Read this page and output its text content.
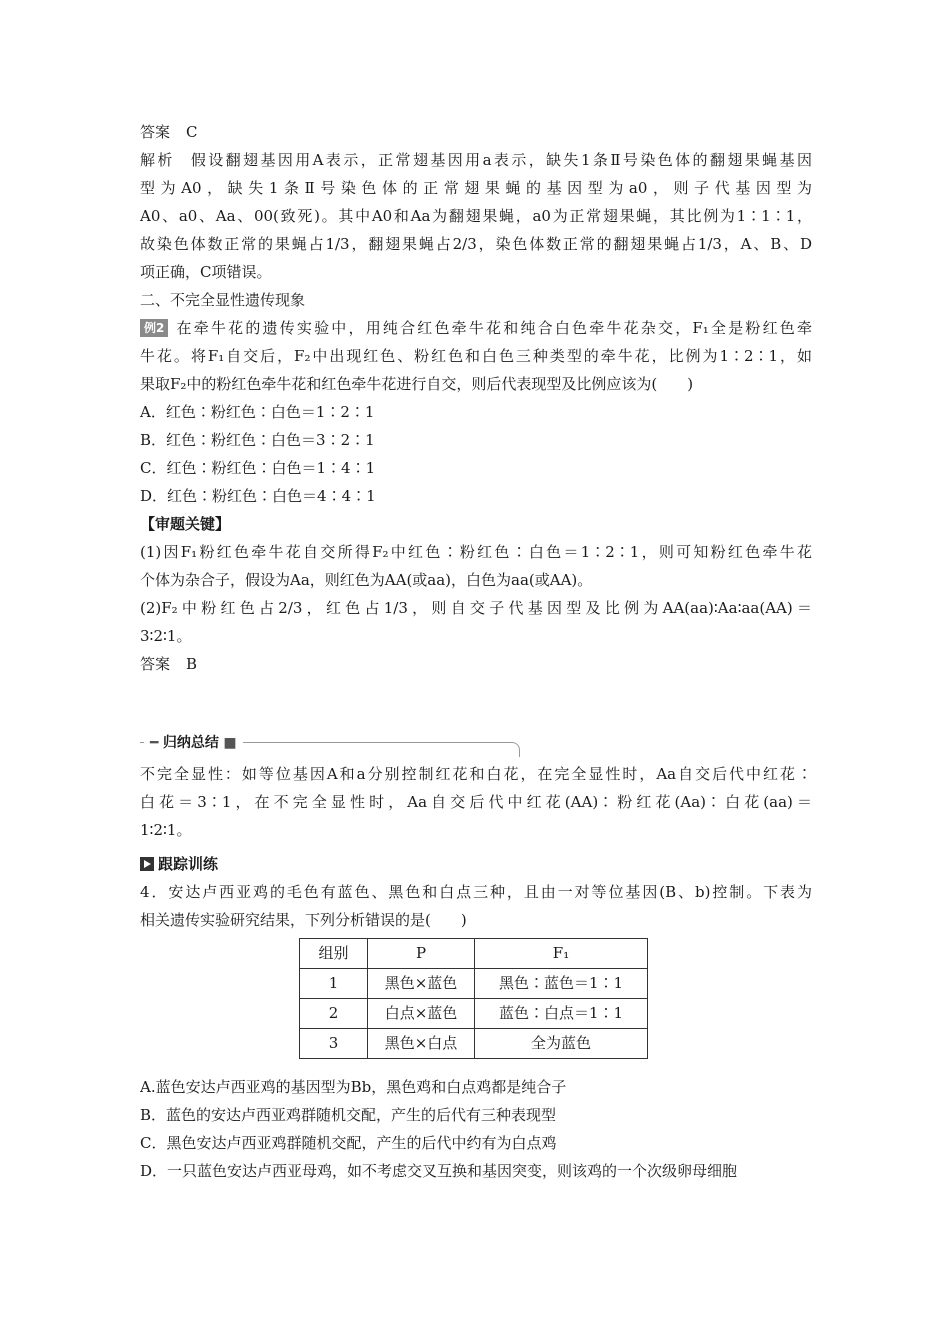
答案 C
解析 假设翻翅基因用A表示，正常翅基因用a表示，缺失1条Ⅱ号染色体的翻翅果蝇基因
型为A0，缺失1条Ⅱ号染色体的正常翅果蝇的基因型为a0，则子代基因型为
A0、a0、Aa、00(致死)。其中A0和Aa为翻翅果蝇，a0为正常翅果蝇，其比例为1∶1∶1，
故染色体数正常的果蝇占1/3，翻翅果蝇占2/3，染色体数正常的翻翅果蝇占1/3，A、B、D
项正确，C项错误。
二、不完全显性遗传现象
例2 在牵牛花的遗传实验中，用纯合红色牵牛花和纯合白色牵牛花杂交，F₁全是粉红色牵
牛花。将F₁自交后，F₂中出现红色、粉红色和白色三种类型的牵牛花，比例为1∶2∶1，如
果取F₂中的粉红色牵牛花和红色牵牛花进行自交，则后代表现型及比例应该为(　　)
A．红色∶粉红色∶白色＝1∶2∶1
B．红色∶粉红色∶白色＝3∶2∶1
C．红色∶粉红色∶白色＝1∶4∶1
D．红色∶粉红色∶白色＝4∶4∶1
【审题关键】
(1)因F₁粉红色牵牛花自交所得F₂中红色∶粉红色∶白色＝1∶2∶1，则可知粉红色牵牛花
个体为杂合子，假设为Aa，则红色为AA(或aa)，白色为aa(或AA)。
(2)F₂中粉红色占2/3，红色占1/3，则自交子代基因型及比例为AA(aa)∶Aa∶aa(AA)＝
3∶2∶1。
答案 B
━ 归纳总结 ■
不完全显性：如等位基因A和a分别控制红花和白花，在完全显性时，Aa自交后代中红花∶
白花＝3∶1，在不完全显性时，Aa自交后代中红花(AA)∶粉红花(Aa)∶白花(aa)＝
1∶2∶1。
跟踪训练
4．安达卢西亚鸡的毛色有蓝色、黑色和白点三种，且由一对等位基因(B、b)控制。下表为
相关遗传实验研究结果，下列分析错误的是(　　)
组别	P	F₁
1	黑色×蓝色	黑色∶蓝色＝1∶1
2	白点×蓝色	蓝色∶白点＝1∶1
3	黑色×白点	全为蓝色
A.蓝色安达卢西亚鸡的基因型为Bb，黑色鸡和白点鸡都是纯合子
B．蓝色的安达卢西亚鸡群随机交配，产生的后代有三种表现型
C．黑色安达卢西亚鸡群随机交配，产生的后代中约有为白点鸡
D．一只蓝色安达卢西亚母鸡，如不考虑交叉互换和基因突变，则该鸡的一个次级卵母细胞
